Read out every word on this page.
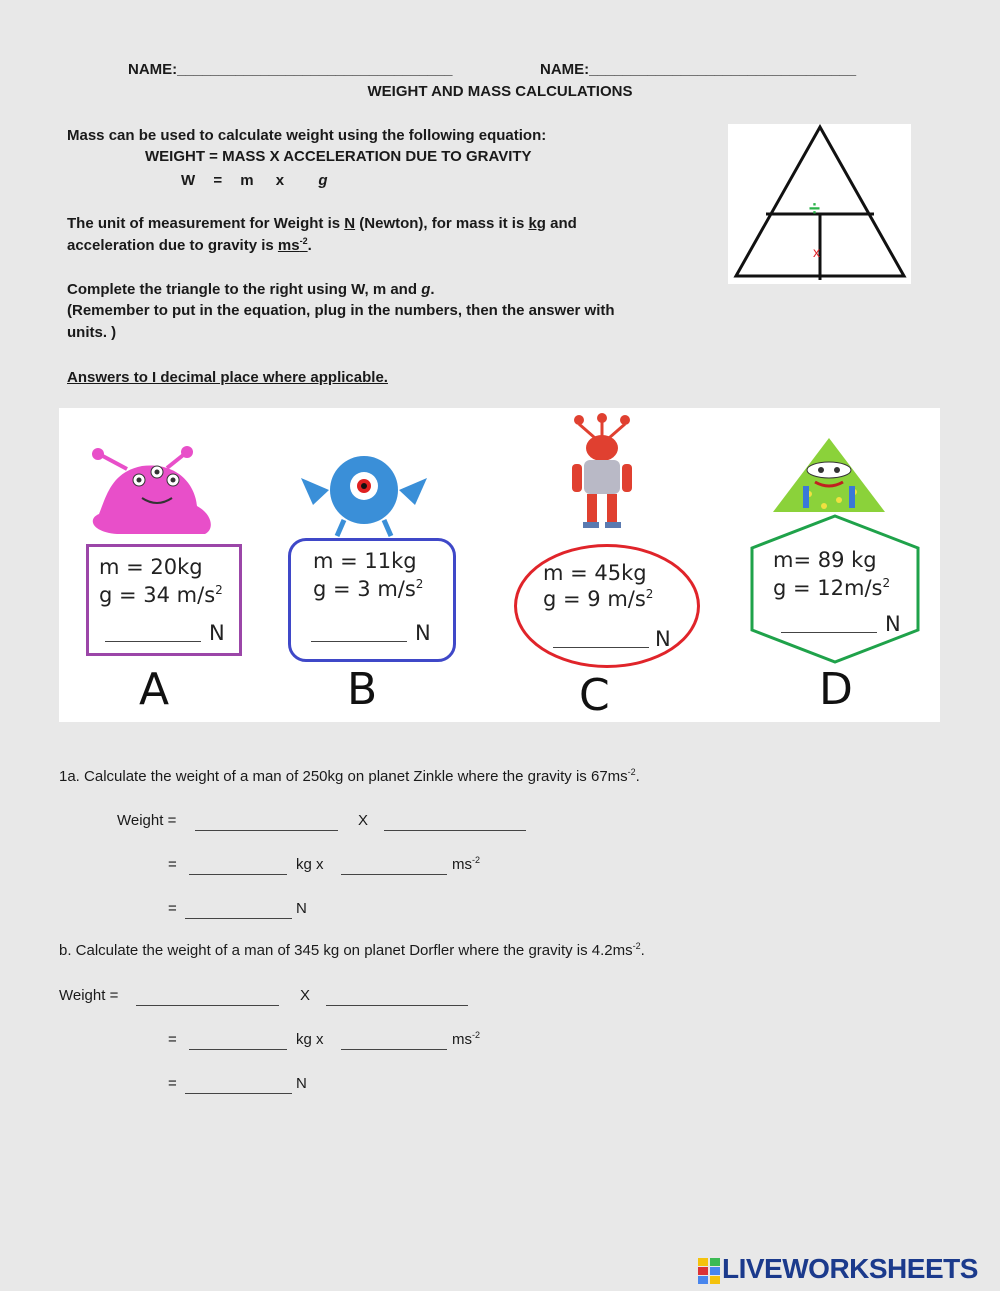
NAME:_________________________________	NAME:________________________________
WEIGHT AND MASS CALCULATIONS
Mass can be used to calculate weight using the following equation:
WEIGHT = MASS X ACCELERATION DUE TO GRAVITY
W = m x g
The unit of measurement for Weight is N (Newton), for mass it is kg and
acceleration due to gravity is $ms^{-2}$.
Complete the triangle to the right using W, m and g.
(Remember to put in the equation, plug in the numbers, then the answer with
units. )
Answers to I decimal place where applicable.
÷
x
m = 20kg
g = 34 $m/s^2$
N
A
m = 11kg
g = 3 $m/s^2$
N
B
m = 45kg
g = 9 $m/s^2$
N
C
m= 89 kg
$g = 12m/s^2$
N
D
1a. Calculate the weight of a man of 250kg on planet Zinkle where the gravity is $67ms^{-2}$.
Weight =	X
=	kg x	$ms^{-2}$
=	N
b. Calculate the weight of a man of 345 kg on planet Dorfler where the gravity is $4.2ms^{-2}$.
Weight =	X
=	kg x	$ms^{-2}$
=	N
LIVEWORKSHEETS
